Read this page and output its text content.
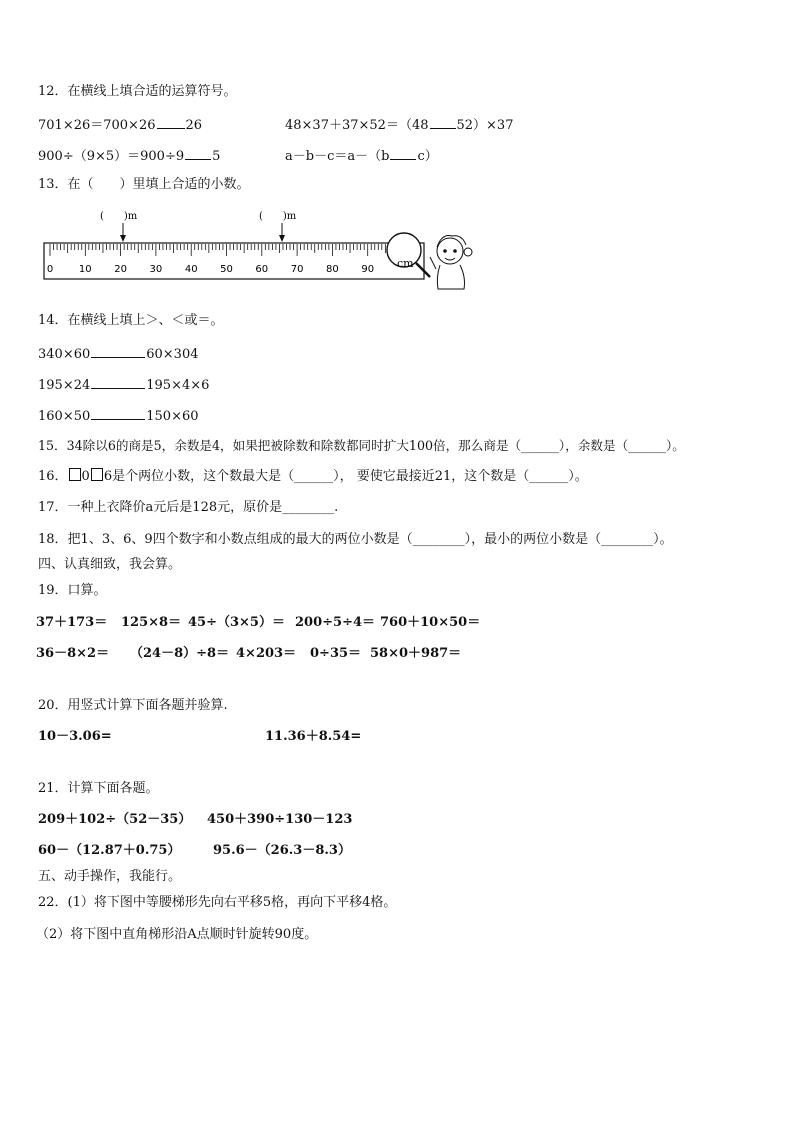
12．在横线上填合适的运算符号。
701×26＝700×26 26	48×37＋37×52＝（48 52）×37
900÷（9×5）＝900÷9 5	a－b－c＝a－（b c）
13．在（　　）里填上合适的小数。
0	10 20 30 40 50 60 70 80 90
(　　)m	(　　)m
cm
14．在横线上填上＞、＜或＝。
340×60	60×304
195×24	195×4×6
160×50	150×60
15．34除以6的商是5，余数是4，如果把被除数和除数都同时扩大100倍，那么商是（______），余数是（______）。
16． 0 6是个两位小数，这个数最大是（______）， 要使它最接近21，这个数是（______）。
17．一种上衣降价a元后是128元，原价是________.
18．把1、3、6、9四个数字和小数点组成的最大的两位小数是（________），最小的两位小数是（________）。
四、认真细致，我会算。
19．口算。
37＋173＝ 125×8＝ 45÷（3×5）＝ 200÷5÷4＝ 760＋10×50＝
36－8×2＝ （24－8）÷8＝ 4×203＝ 0÷35＝ 58×0＋987＝
20．用竖式计算下面各题并验算.
10－3.06=	11.36＋8.54=
21．计算下面各题。
209＋102÷（52－35） 450＋390÷130－123
60－（12.87＋0.75）	95.6－（26.3－8.3）
五、动手操作，我能行。
22．(1）将下图中等腰梯形先向右平移5格，再向下平移4格。
（2）将下图中直角梯形沿A点顺时针旋转90度。
